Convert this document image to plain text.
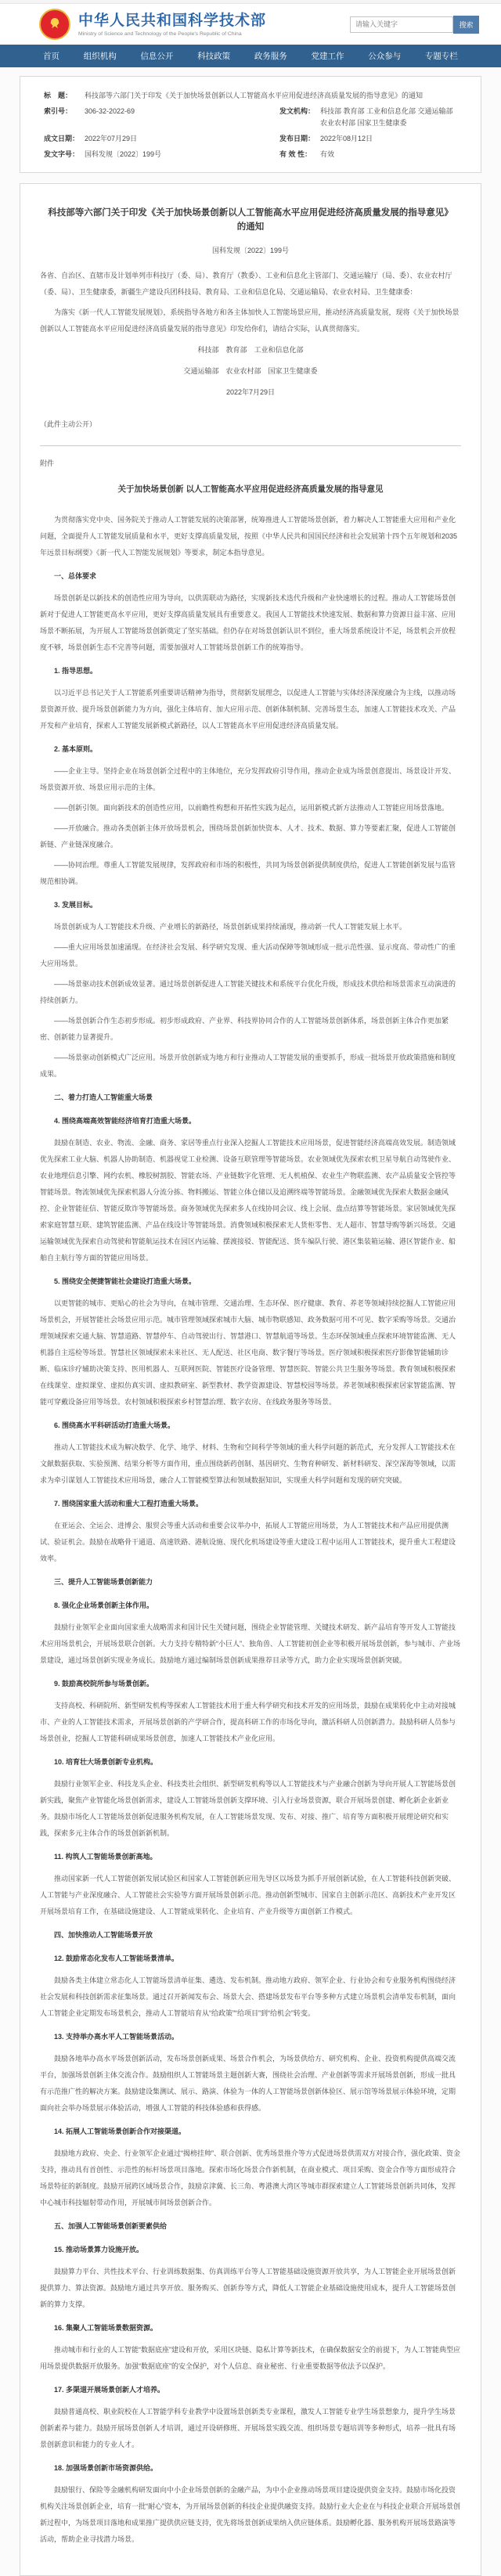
★	中华人民共和国科学技术部
Ministry of Science and Technology of the People's Republic of China
请输入关键字
搜索
首页	组织机构	信息公开	科技政策	政务服务	党建工作	公众参与	专题专栏
标　题：	科技部等六部门关于印发《关于加快场景创新以人工智能高水平应用促进经济高质量发展的指导意见》的通知
索引号：	306-32-2022-69	发文机构： 科技部 教育部 工业和信息化部 交通运输部 农业农村部 国家卫生健康委
成文日期： 2022年07月29日	发布日期： 2022年08月12日
发文字号： 国科发规〔2022〕199号	有 效 性：	有效
科技部等六部门关于印发《关于加快场景创新以人工智能高水平应用促进经济高质量发展的指导意见》的通知
国科发规〔2022〕199号
各省、自治区、直辖市及计划单列市科技厅（委、局）、教育厅（教委）、工业和信息化主管部门、交通运输厅（局、委）、农业农村厅（委、局）、卫生健康委，新疆生产建设兵团科技局、教育局、工业和信息化局、交通运输局、农业农村局、卫生健康委：
为落实《新一代人工智能发展规划》，系统指导各地方和各主体加快人工智能场景应用，推动经济高质量发展，现将《关于加快场景创新以人工智能高水平应用促进经济高质量发展的指导意见》印发给你们，请结合实际，认真贯彻落实。
科技部　教育部　工业和信息化部
交通运输部　农业农村部　国家卫生健康委
2022年7月29日
（此件主动公开）
附件
关于加快场景创新 以人工智能高水平应用促进经济高质量发展的指导意见
为贯彻落实党中央、国务院关于推动人工智能发展的决策部署，统筹推进人工智能场景创新，着力解决人工智能重大应用和产业化问题，全面提升人工智能发展质量和水平，更好支撑高质量发展，按照《中华人民共和国国民经济和社会发展第十四个五年规划和2035年远景目标纲要》《新一代人工智能发展规划》等要求，制定本指导意见。
一、总体要求
场景创新是以新技术的创造性应用为导向，以供需联动为路径，实现新技术迭代升级和产业快速增长的过程。推动人工智能场景创新对于促进人工智能更高水平应用，更好支撑高质量发展具有重要意义。我国人工智能技术快速发展、数据和算力资源日益丰富、应用场景不断拓展，为开展人工智能场景创新奠定了坚实基础。但仍存在对场景创新认识不到位，重大场景系统设计不足，场景机会开放程度不够，场景创新生态不完善等问题，需要加强对人工智能场景创新工作的统筹指导。
1. 指导思想。
以习近平总书记关于人工智能系列重要讲话精神为指导，贯彻新发展理念，以促进人工智能与实体经济深度融合为主线，以推动场景资源开放、提升场景创新能力为方向，强化主体培育、加大应用示范、创新体制机制、完善场景生态，加速人工智能技术攻关、产品开发和产业培育，探索人工智能发展新模式新路径，以人工智能高水平应用促进经济高质量发展。
2. 基本原则。
——企业主导。坚持企业在场景创新全过程中的主体地位，充分发挥政府引导作用，推动企业成为场景创意提出、场景设计开发、场景资源开放、场景应用示范的主体。
——创新引领。面向新技术的创造性应用，以前瞻性构想和开拓性实践为起点，运用新模式新方法推动人工智能应用场景落地。
——开放融合。推动各类创新主体开放场景机会，围绕场景创新加快资本、人才、技术、数据、算力等要素汇聚，促进人工智能创新链、产业链深度融合。
——协同治理。尊重人工智能发展规律，发挥政府和市场的积极性，共同为场景创新提供制度供给，促进人工智能创新发展与监管规范相协调。
3. 发展目标。
场景创新成为人工智能技术升级、产业增长的新路径，场景创新成果持续涌现，推动新一代人工智能发展上水平。
——重大应用场景加速涌现。在经济社会发展、科学研究发现、重大活动保障等领域形成一批示范性强、显示度高、带动性广的重大应用场景。
——场景驱动技术创新成效显著。通过场景创新促进人工智能关键技术和系统平台优化升级，形成技术供给和场景需求互动演进的持续创新力。
——场景创新合作生态初步形成。初步形成政府、产业界、科技界协同合作的人工智能场景创新体系，场景创新主体合作更加紧密、创新能力显著提升。
——场景驱动创新模式广泛应用。场景开放创新成为地方和行业推动人工智能发展的重要抓手，形成一批场景开放政策措施和制度成果。
二、着力打造人工智能重大场景
4. 围绕高端高效智能经济培育打造重大场景。
鼓励在制造、农业、物流、金融、商务、家居等重点行业深入挖掘人工智能技术应用场景，促进智能经济高端高效发展。制造领域优先探索工业大脑、机器人协助制造、机器视觉工业检测、设备互联管理等智能场景。农业领域优先探索农机卫星导航自动驾驶作业、农业地理信息引擎、网约农机、橡胶树割胶、智能农场、产业链数字化管理、无人机植保、农业生产物联监测、农产品质量安全管控等智能场景。物流领域优先探索机器人分流分拣、物料搬运、智能立体仓储以及追溯终端等智能场景。金融领域优先探索大数据金融风控、企业智能征信、智能反欺诈等智能场景。商务领域优先探索多人在线协同会议、线上会展、盘点结算等智能场景。家居领域优先探索家庭智慧互联、建筑智能监测、产品在线设计等智能场景。消费领域积极探索无人货柜零售、无人超市、智慧导购等新兴场景。交通运输领域优先探索自动驾驶和智能航运技术在园区内运输、摆渡接驳、智能配送、货车编队行驶、港区集装箱运输、港区智能作业、船舶自主航行等方面的智能应用场景。
5. 围绕安全便捷智能社会建设打造重大场景。
以更智能的城市、更贴心的社会为导向，在城市管理、交通治理、生态环保、医疗健康、教育、养老等领域持续挖掘人工智能应用场景机会，开展智能社会场景应用示范。城市管理领域探索城市大脑、城市物联感知、政务数据可用不可见、数字采购等场景。交通治理领域探索交通大脑、智慧道路、智慧停车、自动驾驶出行、智慧港口、智慧航道等场景。生态环保领域重点探索环境智能监测、无人机器自主巡检等场景。智慧社区领域探索未来社区、无人配送、社区电商、数字餐厅等场景。医疗领域积极探索医疗影像智能辅助诊断、临床诊疗辅助决策支持、医用机器人、互联网医院、智能医疗设备管理、智慧医院、智能公共卫生服务等场景。教育领域积极探索在线课堂、虚拟课堂、虚拟仿真实训、虚拟教研室、新型教材、教学资源建设、智慧校园等场景。养老领域积极探索居家智能监测、智能可穿戴设备应用等场景。农村领域积极探索乡村智慧治理、数字农房、在线政务服务等场景。
6. 围绕高水平科研活动打造重大场景。
推动人工智能技术成为解决数学、化学、地学、材料、生物和空间科学等领域的重大科学问题的新范式，充分发挥人工智能技术在文献数据获取、实验预测、结果分析等方面作用，重点围绕新药创制、基因研究、生物育种研发、新材料研发、深空深海等领域，以需求为牵引谋划人工智能技术应用场景，融合人工智能模型算法和领域数据知识，实现重大科学问题和发现的研究突破。
7. 围绕国家重大活动和重大工程打造重大场景。
在亚运会、全运会、进博会、服贸会等重大活动和重要会议举办中，拓展人工智能应用场景，为人工智能技术和产品应用提供测试、验证机会。鼓励在战略骨干通道、高速铁路、港航设施、现代化机场建设等重大建设工程中运用人工智能技术，提升重大工程建设效率。
三、提升人工智能场景创新能力
8. 强化企业场景创新主体作用。
鼓励行业领军企业面向国家重大战略需求和国计民生关键问题，围绕企业智能管理、关键技术研发、新产品培育等开发人工智能技术应用场景机会，开展场景联合创新。大力支持专精特新“小巨人”、独角兽、人工智能初创企业等积极开展场景创新，参与城市、产业场景建设，通过场景创新实现业务成长。鼓励地方通过编制场景创新成果推荐目录等方式，助力企业实现场景创新突破。
9. 鼓励高校院所参与场景创新。
支持高校、科研院所、新型研发机构等探索人工智能技术用于重大科学研究和技术开发的应用场景，鼓励在成果转化中主动对接城市、产业的人工智能技术需求，开展场景创新的产学研合作，提高科研工作的市场化导向，激活科研人员创新潜力。鼓励科研人员参与场景创业，挖掘人工智能科研成果场景创意，加速人工智能技术产业化应用。
10. 培育壮大场景创新专业机构。
鼓励行业领军企业、科技龙头企业、科技类社会组织、新型研发机构等以人工智能技术与产业融合创新为导向开展人工智能场景创新实践，聚焦产业智能化场景创新需求，建设人工智能场景创新支撑环境、引入行业场景资源，联合开展场景创建、孵化新企业新业务。鼓励市场化人工智能场景创新促进服务机构发展，在人工智能场景发现、发布、对接、推广、培育等方面积极开展理论研究和实践，探索多元主体合作的场景创新新机制。
11. 构筑人工智能场景创新高地。
推动国家新一代人工智能创新发展试验区和国家人工智能创新应用先导区以场景为抓手开展创新试验，在人工智能科技创新突破、人工智能与产业深度融合、人工智能社会实验等方面开展场景创新示范。推动创新型城市、国家自主创新示范区、高新技术产业开发区开展场景培育工作，在基础设施建设、人工智能成果转化、企业培育、产业升级等方面创新工作模式。
四、加快推动人工智能场景开放
12. 鼓励常态化发布人工智能场景清单。
鼓励各类主体建立常态化人工智能场景清单征集、遴选、发布机制。推动地方政府、领军企业、行业协会和专业服务机构围绕经济社会发展和科技创新需求征集场景。通过召开新闻发布会、场景大会、搭建场景发布平台等多种方式建立场景机会清单发布机制，面向人工智能企业定期发布场景机会，推动人工智能培育从“给政策”“给项目”到“给机会”转变。
13. 支持举办高水平人工智能场景活动。
鼓励各地举办高水平场景创新活动，发布场景创新成果、场景合作机会，为场景供给方、研究机构、企业、投资机构提供高端交流平台，加强场景创新主体交流合作。鼓励组织人工智能场景主题创新大赛，围绕社会治理、产业创新等需求开展场景创新，形成一批具有示范推广性的解决方案。鼓励建设集测试、展示、路演、体验为一体的人工智能场景创新体验区、展示馆等场景展示体验环境，定期面向社会举办场景展示体验活动，增强人工智能的科技体验感和获得感。
14. 拓展人工智能场景创新合作对接渠道。
鼓励地方政府、央企、行业领军企业通过“揭榜挂帅”、联合创新、优秀场景推介等方式促进场景供需双方对接合作，强化政策、资金支持，推动具有首创性、示范性的标杆场景项目落地。探索市场化场景合作新机制，在商业模式、项目采购、资金合作等方面形成符合场景特征的新制度。鼓励开展跨区域场景合作，鼓励京津冀、长三角、粤港澳大湾区等城市群探索建立人工智能场景创新共同体，发挥中心城市科技辐射带动作用，开展城市间场景创新合作。
五、加强人工智能场景创新要素供给
15. 推动场景算力设施开放。
鼓励算力平台、共性技术平台、行业训练数据集、仿真训练平台等人工智能基础设施资源开放共享，为人工智能企业开展场景创新提供算力、算法资源。鼓励地方通过共享开放、服务购买、创新券等方式，降低人工智能企业基础设施使用成本，提升人工智能场景创新的算力支撑。
16. 集聚人工智能场景数据资源。
推动城市和行业的人工智能“数据底座”建设和开放，采用区块链、隐私计算等新技术，在确保数据安全的前提下，为人工智能典型应用场景提供数据开放服务。加强“数据底座”的安全保护，对个人信息、商业秘密、行业重要数据等依法予以保护。
17. 多渠道开展场景创新人才培养。
鼓励普通高校、职业院校在人工智能学科专业教学中设置场景创新类专业课程，激发人工智能专业学生场景想象力，提升学生场景创新素养与能力。鼓励开展场景创新人才培训，通过开设研修班、开展场景实践交流、组织场景专题培训等多种形式，培养一批具有场景创新意识和能力的专业人才。
18. 加强场景创新市场资源供给。
鼓励银行、保险等金融机构研发面向中小企业场景创新的金融产品，为中小企业推动场景项目建设提供资金支持。鼓励市场化投资机构关注场景创新企业，培育一批“耐心”资本，为开展场景创新的科技企业提供融资支持。鼓励行业大企业在与科技企业联合开展场景创新过程中，为场景项目落地和成果推广提供供应链支持，优先将场景创新成果纳入供应链体系。鼓励孵化器、服务机构开展场景路演等活动，帮助企业寻找潜力场景。
